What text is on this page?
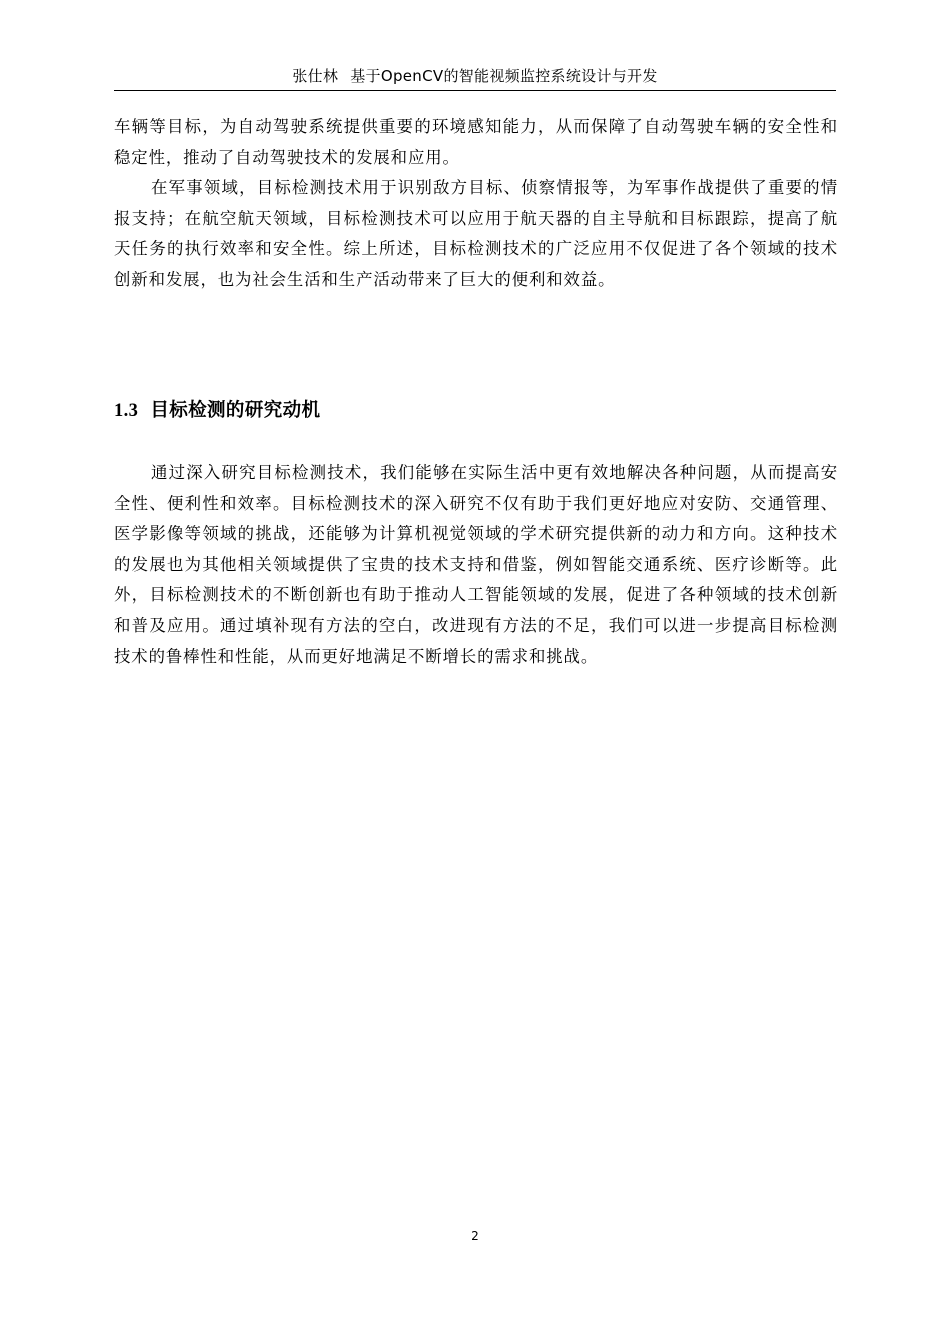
张仕林 基于OpenCV的智能视频监控系统设计与开发

车辆等目标，为自动驾驶系统提供重要的环境感知能力，从而保障了自动驾驶车辆的安全性和稳定性，推动了自动驾驶技术的发展和应用。

在军事领域，目标检测技术用于识别敌方目标、侦察情报等，为军事作战提供了重要的情报支持；在航空航天领域，目标检测技术可以应用于航天器的自主导航和目标跟踪，提高了航天任务的执行效率和安全性。综上所述，目标检测技术的广泛应用不仅促进了各个领域的技术创新和发展，也为社会生活和生产活动带来了巨大的便利和效益。

1.3 目标检测的研究动机

通过深入研究目标检测技术，我们能够在实际生活中更有效地解决各种问题，从而提高安全性、便利性和效率。目标检测技术的深入研究不仅有助于我们更好地应对安防、交通管理、医学影像等领域的挑战，还能够为计算机视觉领域的学术研究提供新的动力和方向。这种技术的发展也为其他相关领域提供了宝贵的技术支持和借鉴，例如智能交通系统、医疗诊断等。此外，目标检测技术的不断创新也有助于推动人工智能领域的发展，促进了各种领域的技术创新和普及应用。通过填补现有方法的空白，改进现有方法的不足，我们可以进一步提高目标检测技术的鲁棒性和性能，从而更好地满足不断增长的需求和挑战。

2
